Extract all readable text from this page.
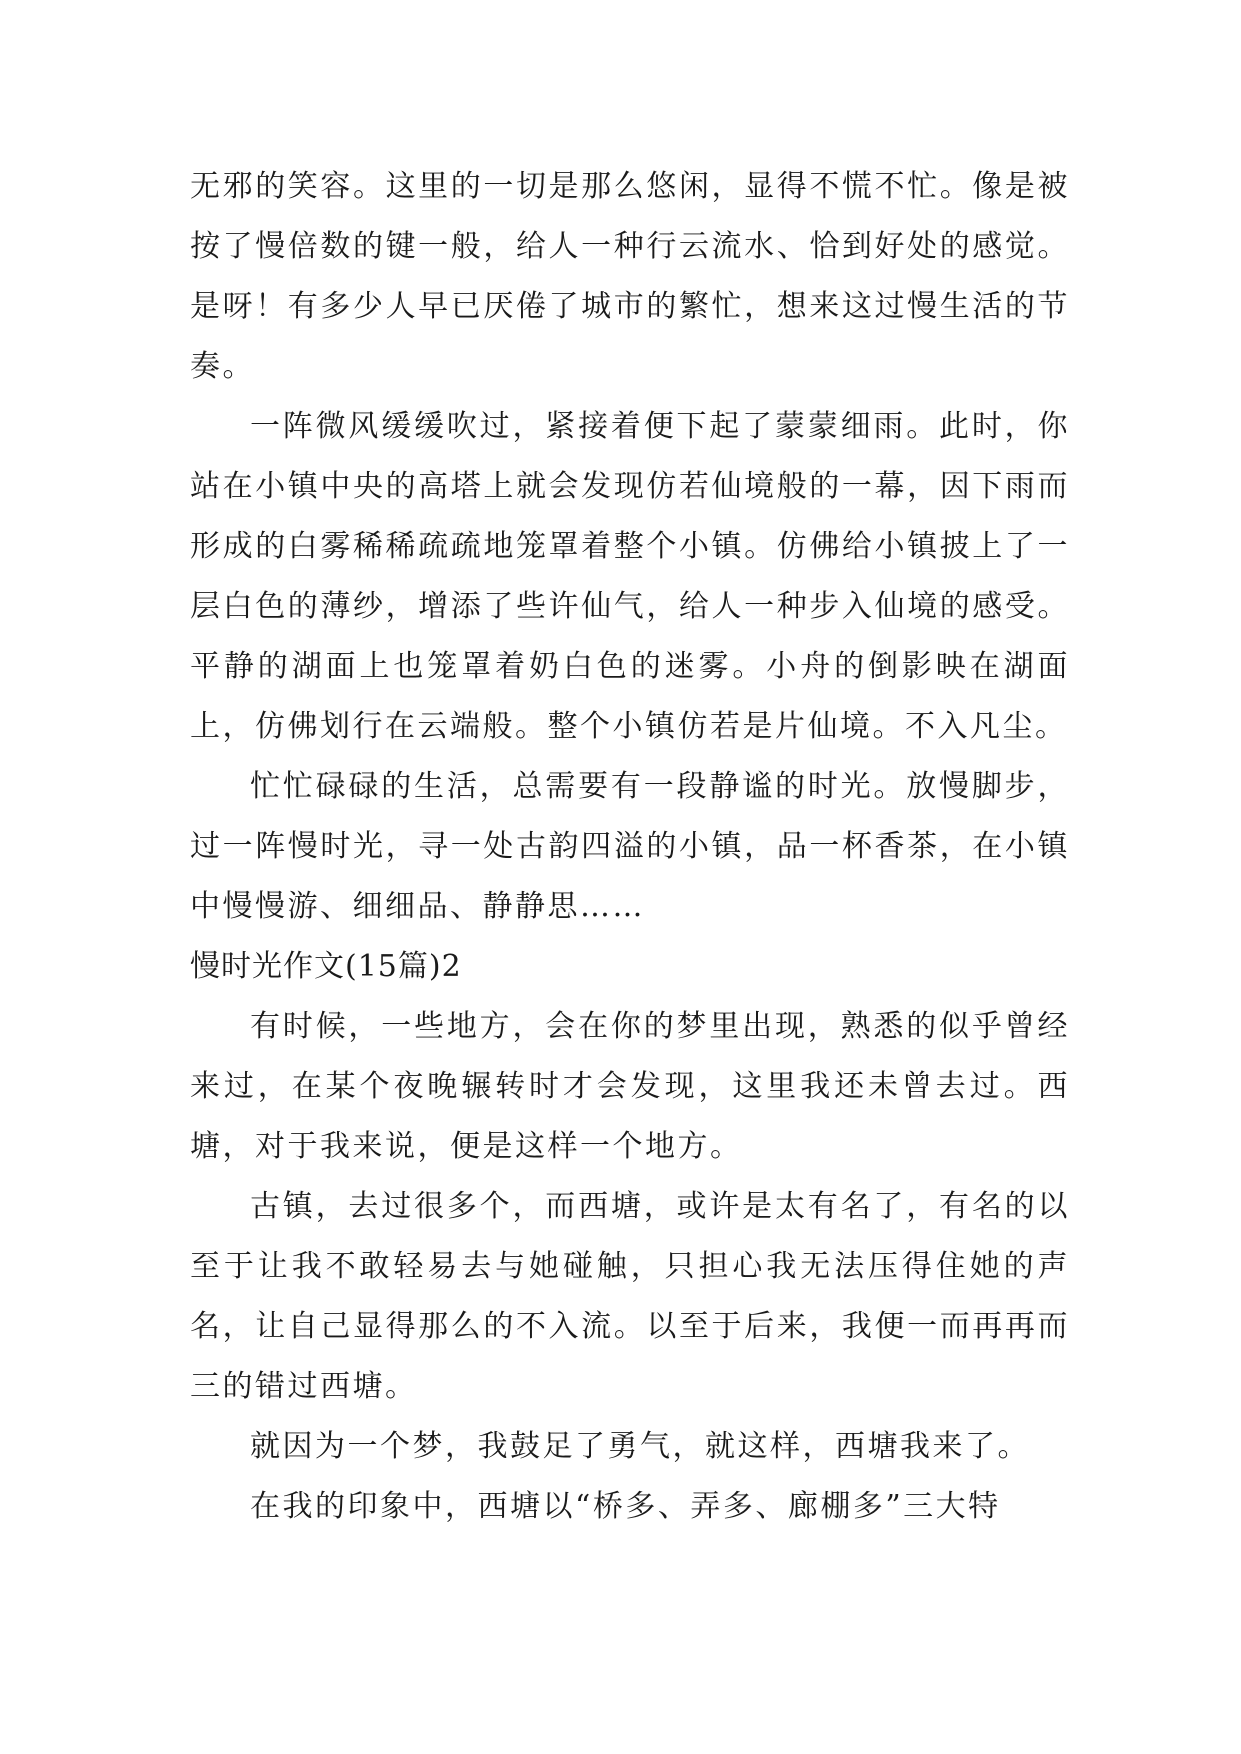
无邪的笑容。这里的一切是那么悠闲，显得不慌不忙。像是被按了慢倍数的键一般，给人一种行云流水、恰到好处的感觉。是呀！有多少人早已厌倦了城市的繁忙，想来这过慢生活的节奏。

一阵微风缓缓吹过，紧接着便下起了蒙蒙细雨。此时，你站在小镇中央的高塔上就会发现仿若仙境般的一幕，因下雨而形成的白雾稀稀疏疏地笼罩着整个小镇。仿佛给小镇披上了一层白色的薄纱，增添了些许仙气，给人一种步入仙境的感受。平静的湖面上也笼罩着奶白色的迷雾。小舟的倒影映在湖面上，仿佛划行在云端般。整个小镇仿若是片仙境。不入凡尘。

忙忙碌碌的生活，总需要有一段静谧的时光。放慢脚步，过一阵慢时光，寻一处古韵四溢的小镇，品一杯香茶，在小镇中慢慢游、细细品、静静思……

慢时光作文(15篇)2

有时候，一些地方，会在你的梦里出现，熟悉的似乎曾经来过，在某个夜晚辗转时才会发现，这里我还未曾去过。西塘，对于我来说，便是这样一个地方。

古镇，去过很多个，而西塘，或许是太有名了，有名的以至于让我不敢轻易去与她碰触，只担心我无法压得住她的声名，让自己显得那么的不入流。以至于后来，我便一而再再而三的错过西塘。

就因为一个梦，我鼓足了勇气，就这样，西塘我来了。

在我的印象中，西塘以“桥多、弄多、廊棚多”三大特
